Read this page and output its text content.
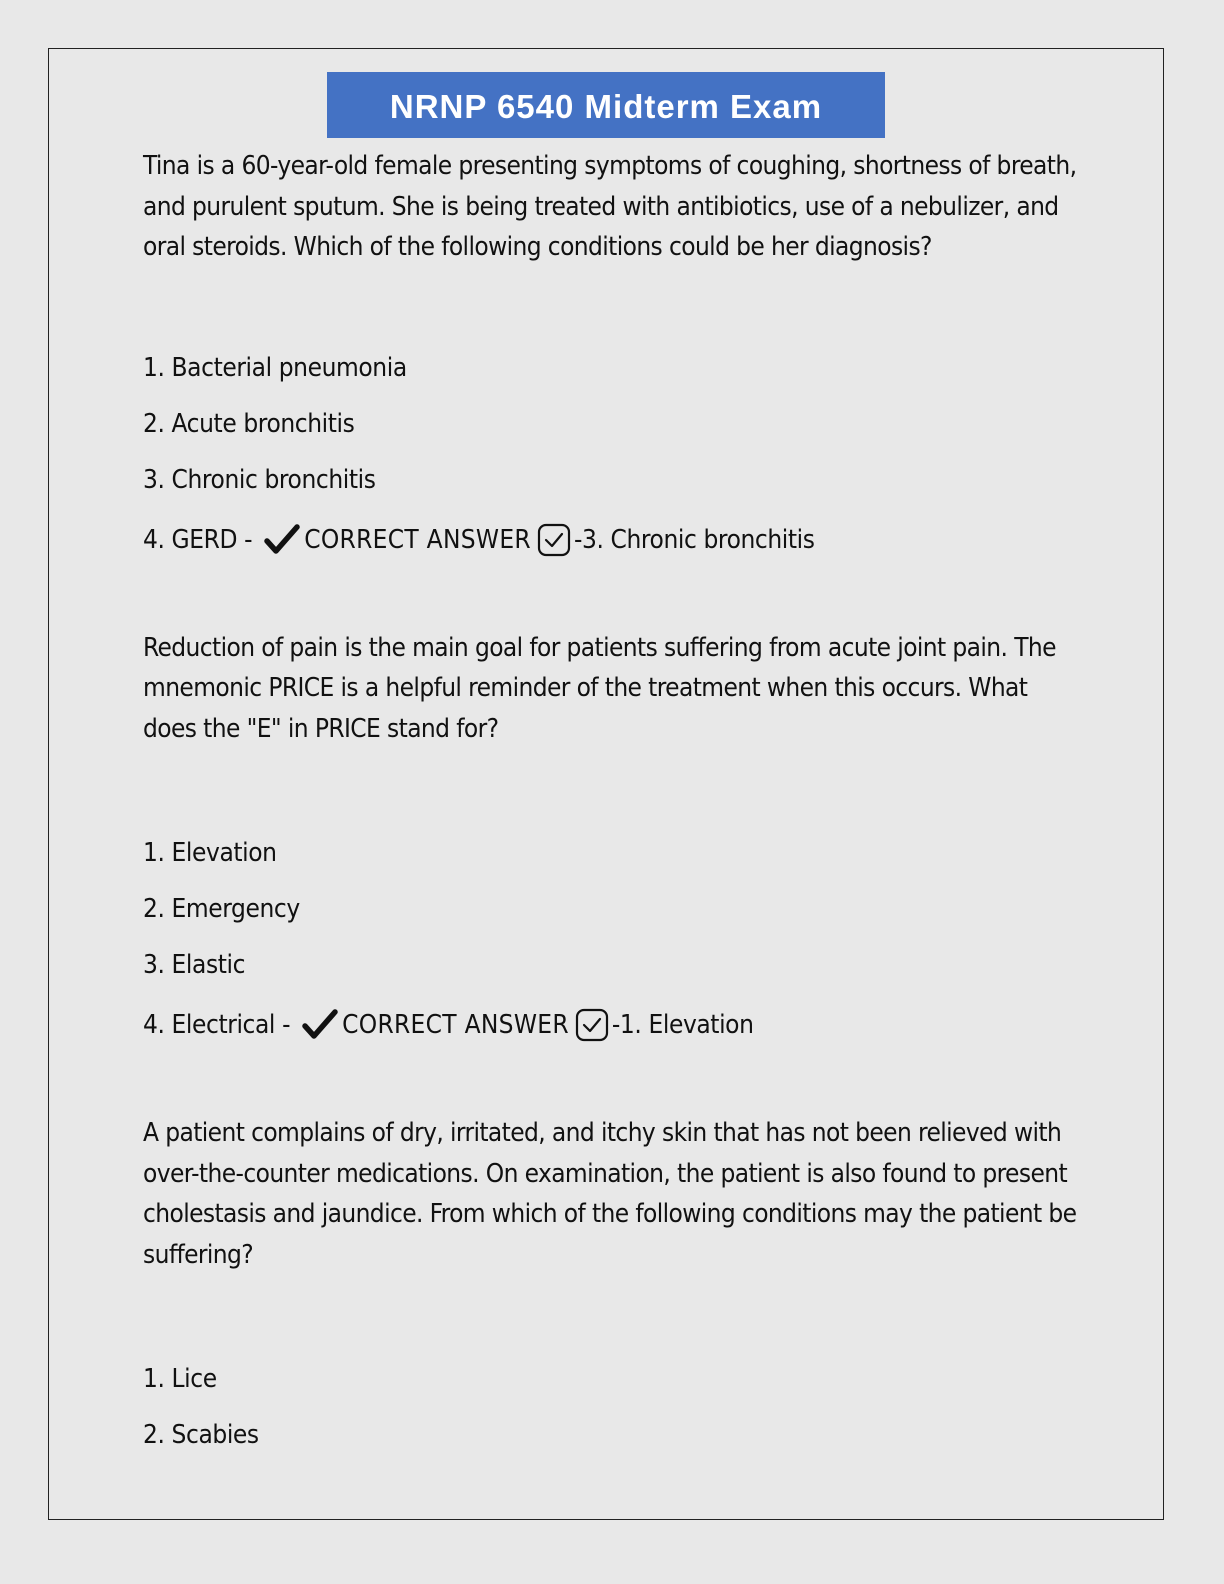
NRNP 6540 Midterm Exam
Tina is a 60-year-old female presenting symptoms of coughing, shortness of breath, and purulent sputum. She is being treated with antibiotics, use of a nebulizer, and oral steroids. Which of the following conditions could be her diagnosis?
1. Bacterial pneumonia
2. Acute bronchitis
3. Chronic bronchitis
4. GERD - CORRECT ANSWER -3. Chronic bronchitis
Reduction of pain is the main goal for patients suffering from acute joint pain. The mnemonic PRICE is a helpful reminder of the treatment when this occurs. What does the "E" in PRICE stand for?
1. Elevation
2. Emergency
3. Elastic
4. Electrical - CORRECT ANSWER -1. Elevation
A patient complains of dry, irritated, and itchy skin that has not been relieved with over-the-counter medications. On examination, the patient is also found to present cholestasis and jaundice. From which of the following conditions may the patient be suffering?
1. Lice
2. Scabies
